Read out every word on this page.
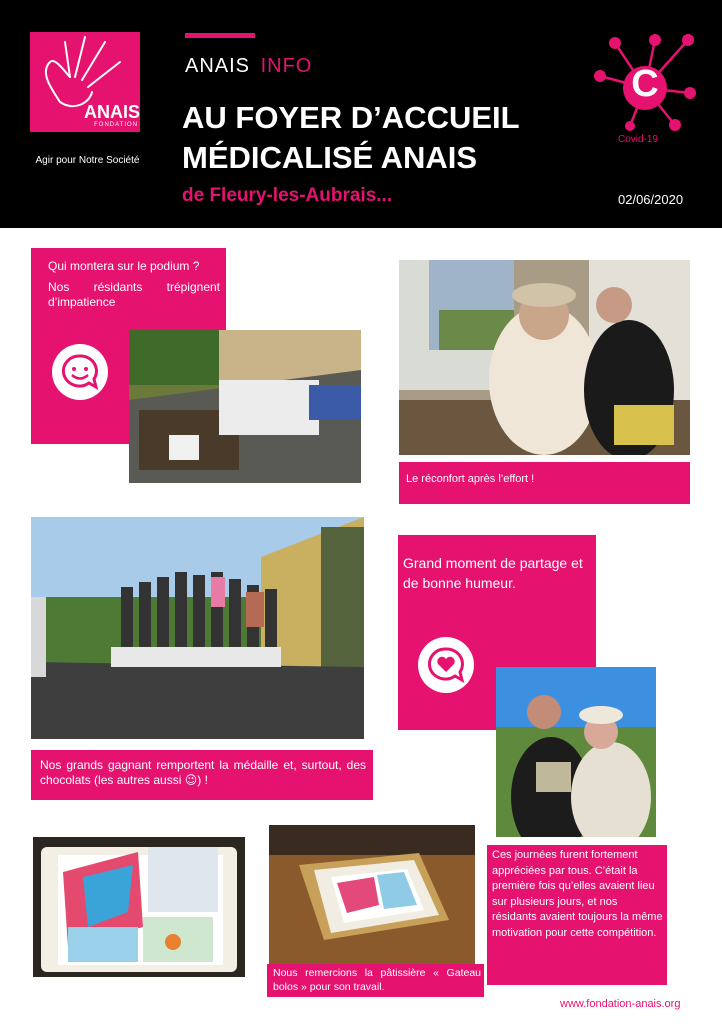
ANAIS
FONDATION
Agir pour Notre Société
ANAIS INFO
AU FOYER D’ACCUEIL
MÉDICALISÉ ANAIS
de Fleury-les-Aubrais...
C
Covid-19
02/06/2020
Qui montera sur le podium ?
Nos résidants trépignent d’impatience
Le réconfort après l’effort !
Nos grands gagnant remportent la médaille et, surtout, des chocolats (les autres aussi 😉) !
Grand moment de partage et de bonne humeur.
Nous remercions la pâtissière « Gateau bolos » pour son travail.
Ces journées furent fortement appréciées par tous. C’était la première fois qu’elles avaient lieu sur plusieurs jours, et nos résidants avaient toujours la même motivation pour cette compétition.
www.fondation-anais.org
